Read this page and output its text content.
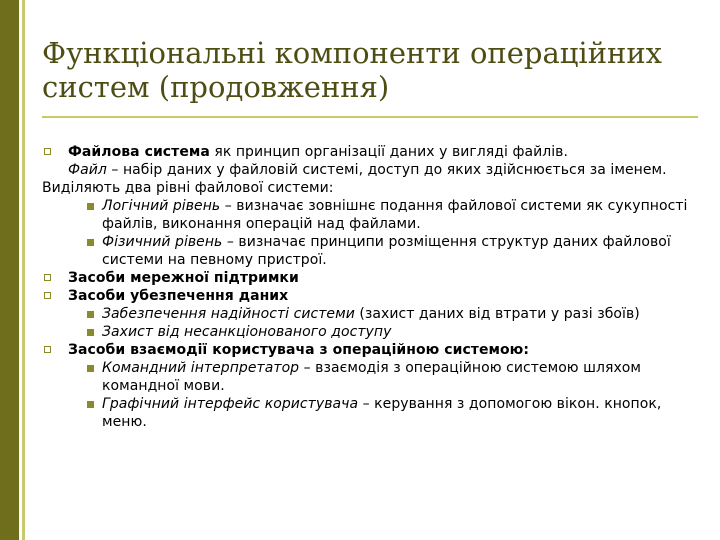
Функціональні компоненти операційних
систем (продовження)
Файлова система як принцип організації даних у вигляді файлів.
Файл – набір даних у файловій системі, доступ до яких здійснюється за іменем.
Виділяють два рівні файлової системи:
Логічний рівень – визначає зовнішнє подання файлової системи як сукупності файлів, виконання операцій над файлами.
Фізичний рівень – визначає принципи розміщення структур даних файлової системи на певному пристрої.
Засоби мережної підтримки
Засоби убезпечення даних
Забезпечення надійності системи (захист даних від втрати у разі збоїв)
Захист від несанкціонованого доступу
Засоби взаємодії користувача з операційною системою:
Командний інтерпретатор – взаємодія з операційною системою шляхом командної мови.
Графічний інтерфейс користувача – керування з допомогою вікон. кнопок, меню.
